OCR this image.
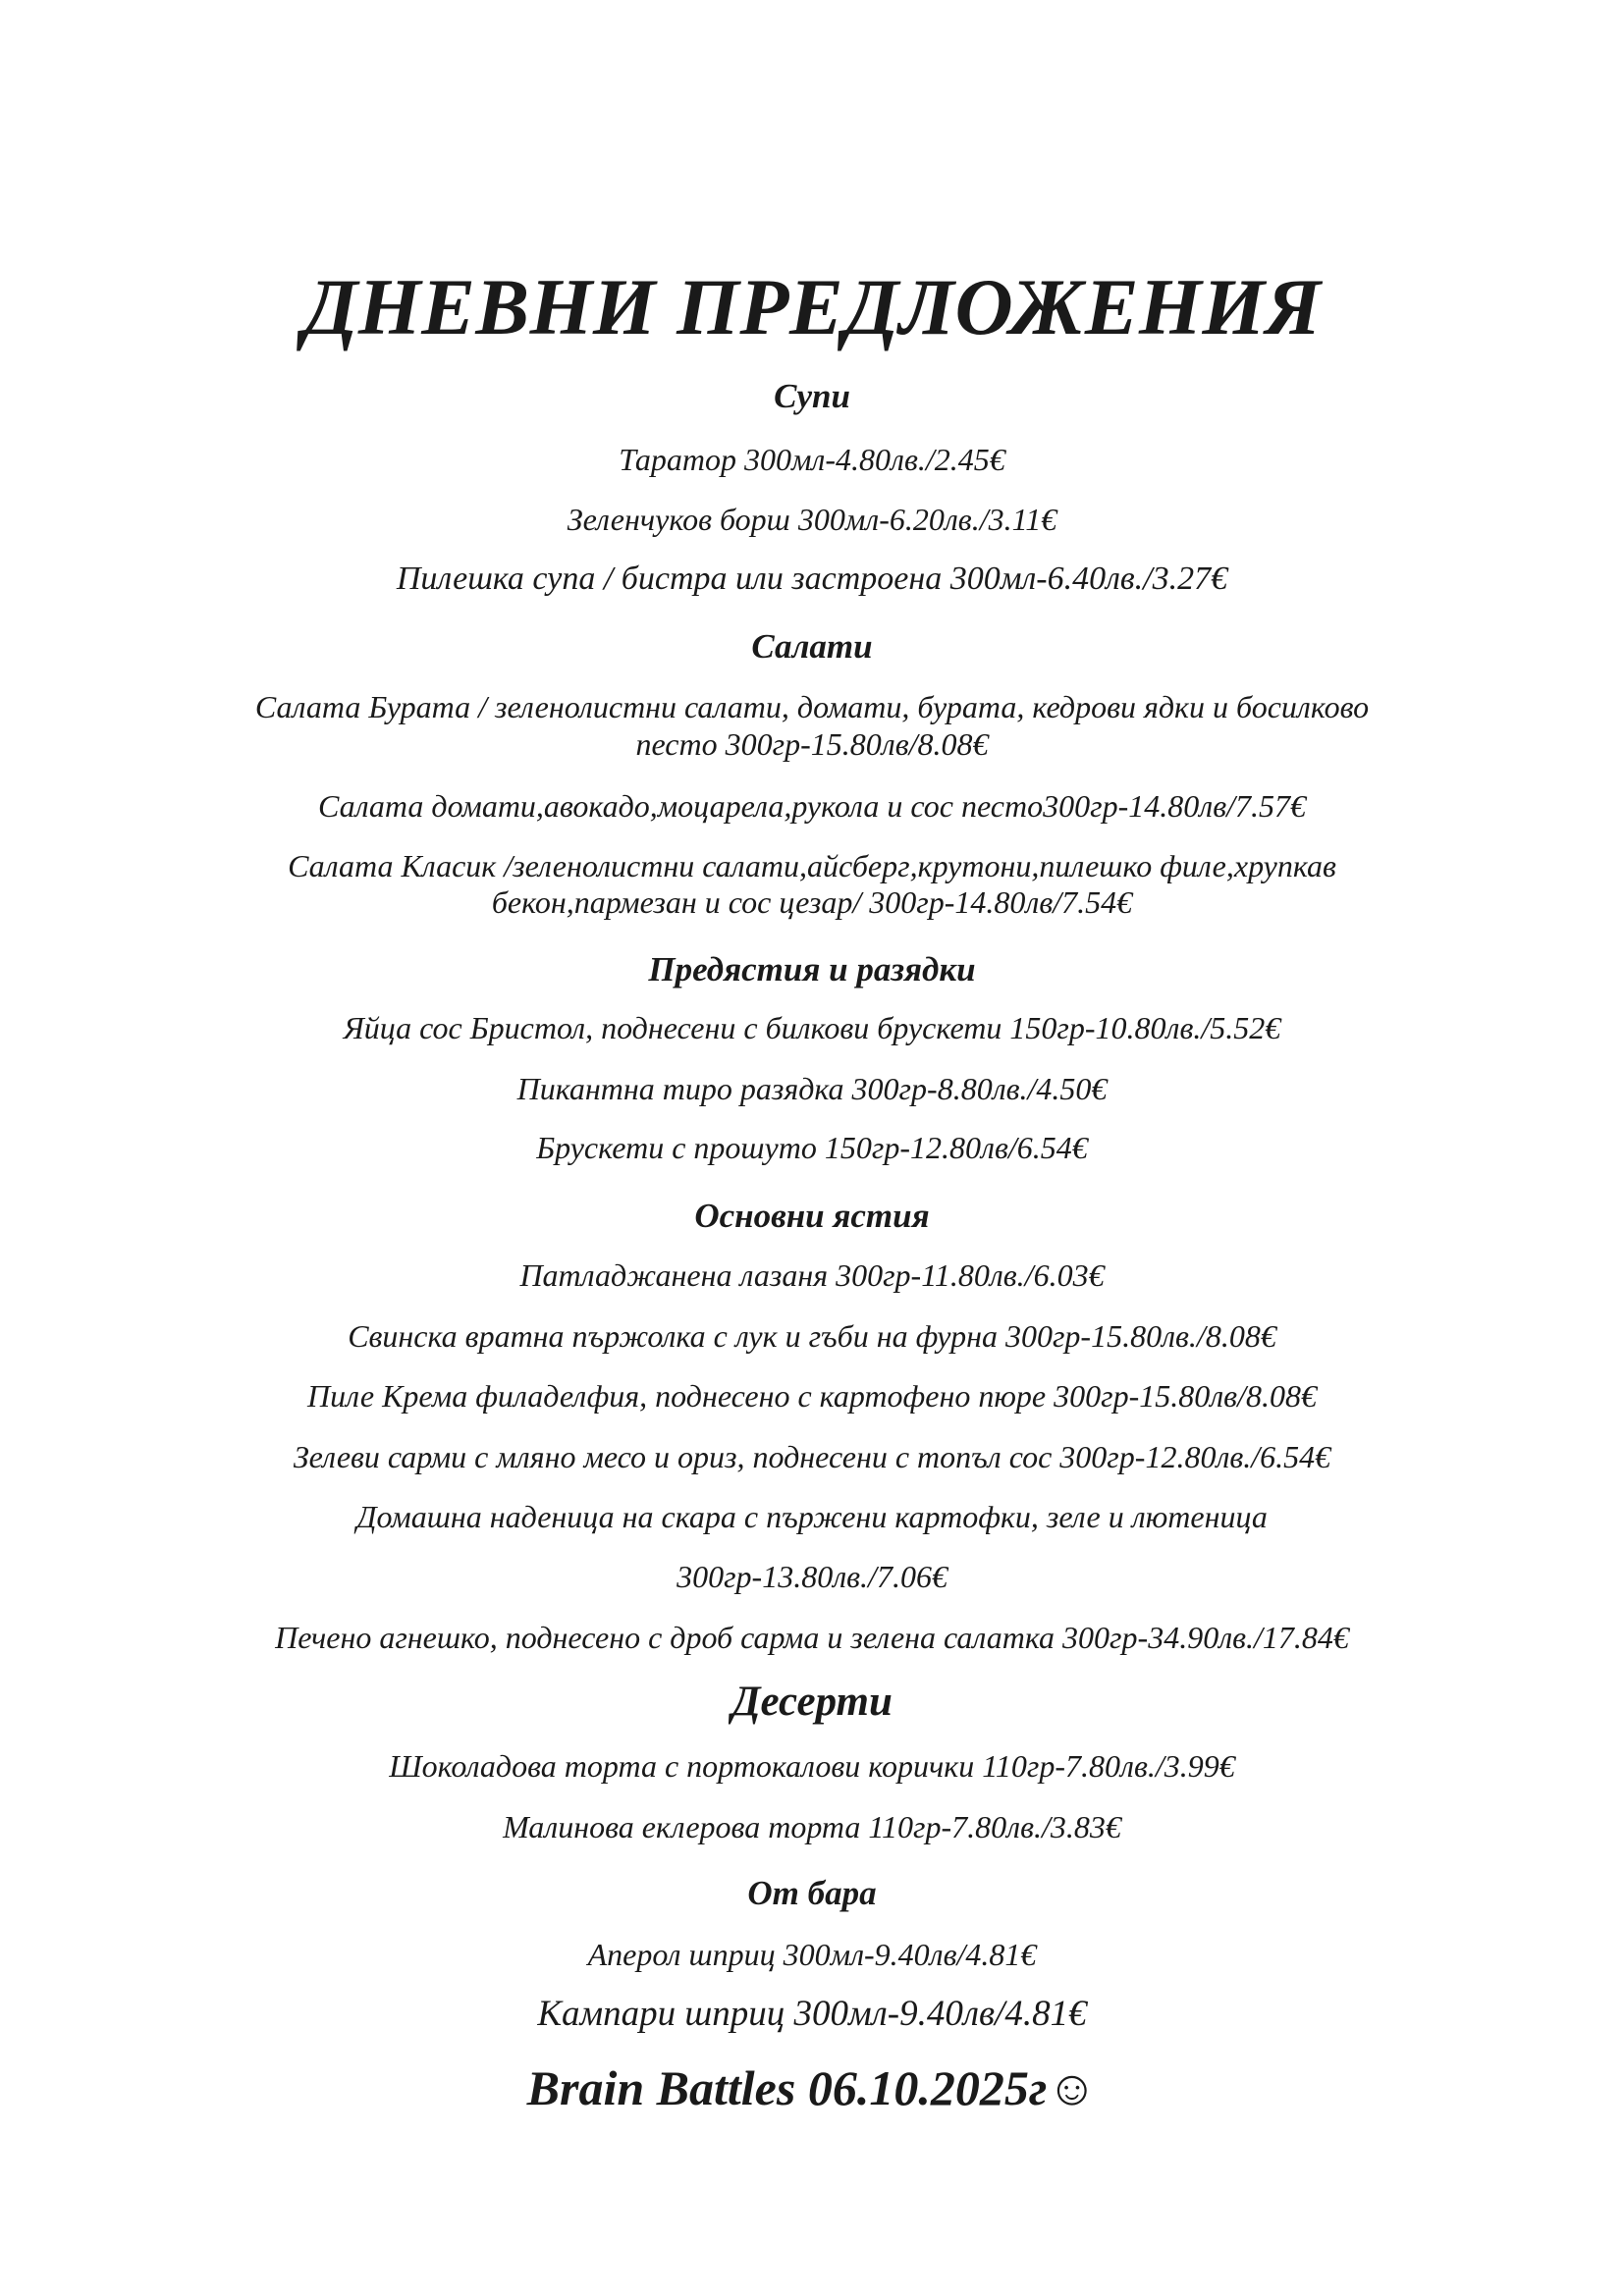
ДНЕВНИ ПРЕДЛОЖЕНИЯ
Супи
Таратор 300мл-4.80лв./2.45€
Зеленчуков борш 300мл-6.20лв./3.11€
Пилешка супа / бистра или застроена 300мл-6.40лв./3.27€
Салати
Салата Бурата / зеленолистни салати, домати, бурата, кедрови ядки и босилково
песто 300гр-15.80лв/8.08€
Салата домати,авокадо,моцарела,рукола и сос песто300гр-14.80лв/7.57€
Салата Класик /зеленолистни салати,айсберг,крутони,пилешко филе,хрупкав
бекон,пармезан и сос цезар/ 300гр-14.80лв/7.54€
Предястия и разядки
Яйца сос Бристол, поднесени с билкови брускети 150гр-10.80лв./5.52€
Пикантна тиро разядка 300гр-8.80лв./4.50€
Брускети с прошуто 150гр-12.80лв/6.54€
Основни ястия
Патладжанена лазаня 300гр-11.80лв./6.03€
Свинска вратна пържолка с лук и гъби на фурна 300гр-15.80лв./8.08€
Пиле Крема филаделфия, поднесено с картофено пюре 300гр-15.80лв/8.08€
Зелеви сарми с мляно месо и ориз, поднесени с топъл сос 300гр-12.80лв./6.54€
Домашна наденица на скара с пържени картофки, зеле и лютеница
300гр-13.80лв./7.06€
Печено агнешко, поднесено с дроб сарма и зелена салатка 300гр-34.90лв./17.84€
Десерти
Шоколадова торта с портокалови корички 110гр-7.80лв./3.99€
Малинова еклерова торта 110гр-7.80лв./3.83€
От бара
Аперол шприц 300мл-9.40лв/4.81€
Кампари шприц 300мл-9.40лв/4.81€
Brain Battles 06.10.2025г☺
